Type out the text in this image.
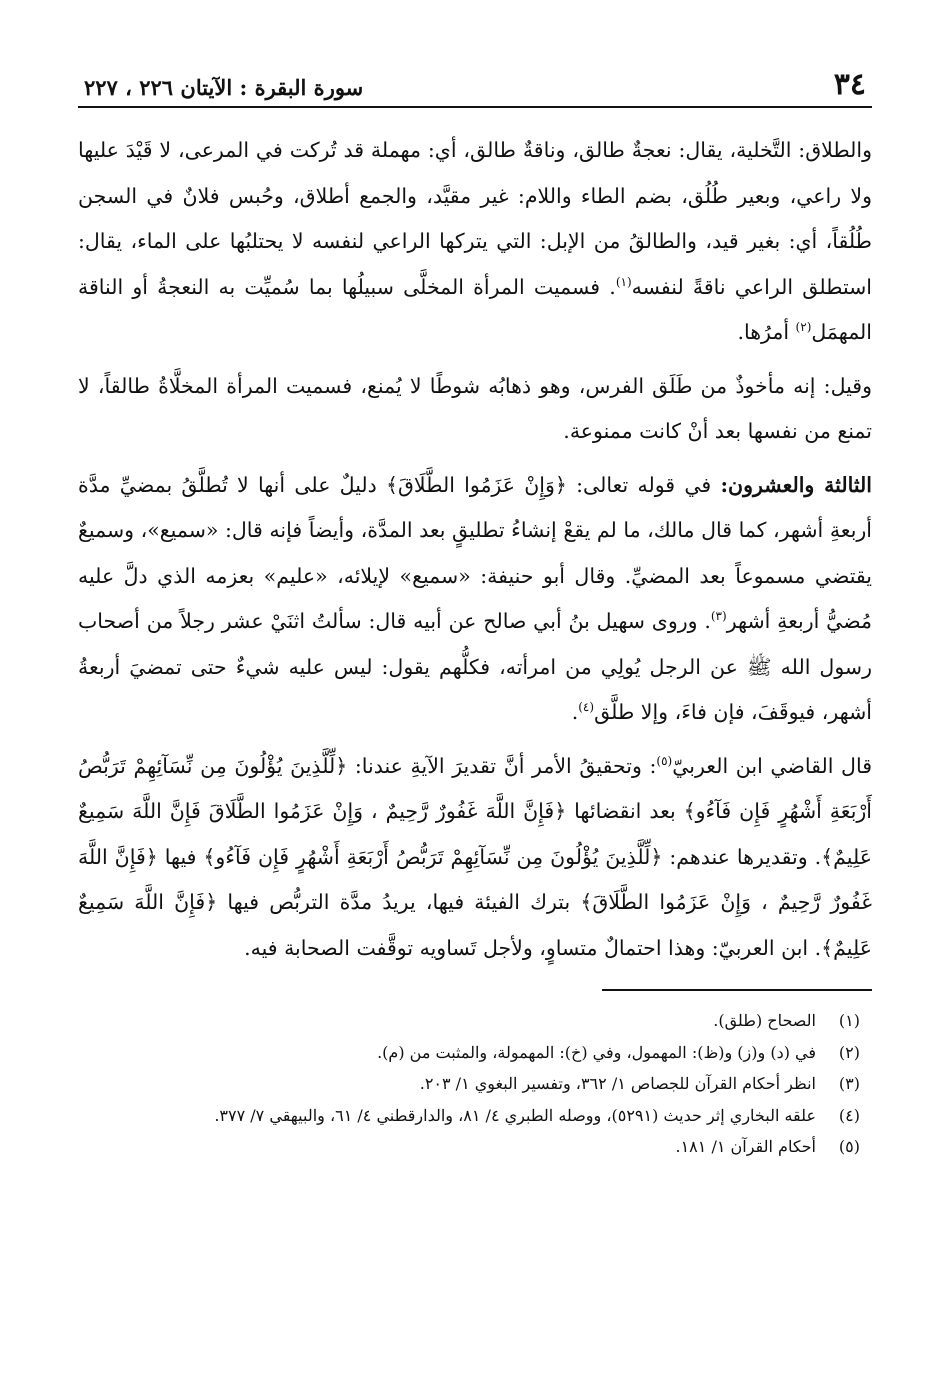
٣٤
سورة البقرة : الآيتان ٢٢٦ ، ٢٢٧

والطلاق: التَّخلية، يقال: نعجةٌ طالق، وناقةٌ طالق، أي: مهملة قد تُركت في المرعى، لا قَيْدَ عليها ولا راعي، وبعير طُلُق، بضم الطاء واللام: غير مقيَّد، والجمع أطلاق، وحُبس فلانٌ في السجن طُلُقاً، أي: بغير قيد، والطالقُ من الإبل: التي يتركها الراعي لنفسه لا يحتلبُها على الماء، يقال: استطلق الراعي ناقةً لنفسه$^{(١)}$. فسميت المرأة المخلَّى سبيلُها بما سُميِّت به النعجةُ أو الناقة المهمَل$^{(٢)}$ أمرُها.

وقيل: إنه مأخوذٌ من طَلَق الفرس، وهو ذهابُه شوطًا لا يُمنع، فسميت المرأة المخلَّاةُ طالقاً، لا تمنع من نفسها بعد أنْ كانت ممنوعة.

الثالثة والعشرون: في قوله تعالى: ﴿وَإِنْ عَزَمُوا الطَّلَاقَ﴾ دليلٌ على أنها لا تُطلَّقُ بمضيِّ مدَّة أربعةِ أشهر، كما قال مالك، ما لم يقعْ إنشاءُ تطليقٍ بعد المدَّة، وأيضاً فإنه قال: «سميع»، وسميعٌ يقتضي مسموعاً بعد المضيِّ. وقال أبو حنيفة: «سميع» لإيلائه، «عليم» بعزمه الذي دلَّ عليه مُضيُّ أربعةِ أشهر$^{(٣)}$. وروى سهيل بنُ أبي صالح عن أبيه قال: سألتُ اثنَيْ عشر رجلاً من أصحاب رسول الله ﷺ عن الرجل يُولِي من امرأته، فكلُّهم يقول: ليس عليه شيءٌ حتى تمضيَ أربعةُ أشهر، فيوقَفَ، فإن فاءَ، وإلا طلَّق$^{(٤)}$.

قال القاضي ابن العربيّ$^{(٥)}$: وتحقيقُ الأمر أنَّ تقديرَ الآيةِ عندنا: ﴿لِّلَّذِينَ يُؤْلُونَ مِن نِّسَآئِهِمْ تَرَبُّصُ أَرْبَعَةِ أَشْهُرٍ فَإِن فَآءُو﴾ بعد انقضائها ﴿فَإِنَّ اللَّهَ غَفُورٌ رَّحِيمٌ ، وَإِنْ عَزَمُوا الطَّلَاقَ فَإِنَّ اللَّهَ سَمِيعٌ عَلِيمٌ﴾. وتقديرها عندهم: ﴿لِّلَّذِينَ يُؤْلُونَ مِن نِّسَآئِهِمْ تَرَبُّصُ أَرْبَعَةِ أَشْهُرٍ فَإِن فَآءُو﴾ فيها ﴿فَإِنَّ اللَّهَ غَفُورٌ رَّحِيمٌ ، وَإِنْ عَزَمُوا الطَّلَاقَ﴾ بترك الفيئة فيها، يريدُ مدَّة التربُّص فيها ﴿فَإِنَّ اللَّهَ سَمِيعٌ عَلِيمٌ﴾. ابن العربيّ: وهذا احتمالٌ متساوٍ، ولأجل تَساويه توقَّفت الصحابة فيه.

(١)الصحاح (طلق).

(٢)في (د) و(ز) و(ظ): المهمول، وفي (خ): المهمولة، والمثبت من (م).

(٣)انظر أحكام القرآن للجصاص ١/ ٣٦٢، وتفسير البغوي ١/ ٢٠٣.

(٤)علقه البخاري إثر حديث (٥٢٩١)، ووصله الطبري ٤/ ٨١، والدارقطني ٤/ ٦١، والبيهقي ٧/ ٣٧٧.

(٥)أحكام القرآن ١/ ١٨١.
